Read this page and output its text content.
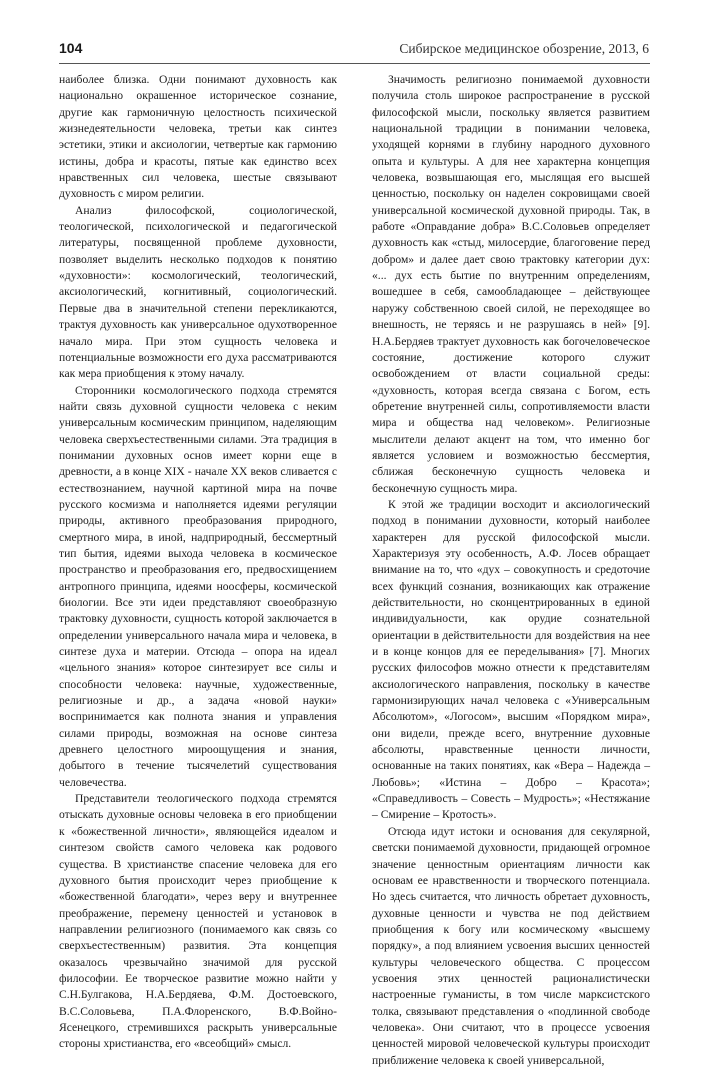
104	Сибирское медицинское обозрение, 2013, 6

наиболее близка. Одни понимают духовность как национально окрашенное историческое сознание, другие как гармоничную целостность психической жизнедеятельности человека, третьи как синтез эстетики, этики и аксиологии, четвертые как гармонию истины, добра и красоты, пятые как единство всех нравственных сил человека, шестые связывают духовность с миром религии.

Анализ философской, социологической, теологической, психологической и педагогической литературы, посвященной проблеме духовности, позволяет выделить несколько подходов к понятию «духовности»: космологический, теологический, аксиологический, когнитивный, социологический. Первые два в значительной степени перекликаются, трактуя духовность как универсальное одухотворенное начало мира. При этом сущность человека и потенциальные возможности его духа рассматриваются как мера приобщения к этому началу.

Сторонники космологического подхода стремятся найти связь духовной сущности человека с неким универсальным космическим принципом, наделяющим человека сверхъестественными силами. Эта традиция в понимании духовных основ имеет корни еще в древности, а в конце XIX - начале XX веков сливается с естествознанием, научной картиной мира на почве русского космизма и наполняется идеями регуляции природы, активного преобразования природного, смертного мира, в иной, надприродный, бессмертный тип бытия, идеями выхода человека в космическое пространство и преобразования его, предвосхищением антропного принципа, идеями ноосферы, космической биологии. Все эти идеи представляют своеобразную трактовку духовности, сущность которой заключается в определении универсального начала мира и человека, в синтезе духа и материи. Отсюда – опора на идеал «цельного знания» которое синтезирует все силы и способности человека: научные, художественные, религиозные и др., а задача «новой науки» воспринимается как полнота знания и управления силами природы, возможная на основе синтеза древнего целостного мироощущения и знания, добытого в течение тысячелетий существования человечества.

Представители теологического подхода стремятся отыскать духовные основы человека в его приобщении к «божественной личности», являющейся идеалом и синтезом свойств самого человека как родового существа. В христианстве спасение человека для его духовного бытия происходит через приобщение к «божественной благодати», через веру и внутреннее преображение, перемену ценностей и установок в направлении религиозного (понимаемого как связь со сверхъестественным) развития. Эта концепция оказалось чрезвычайно значимой для русской философии. Ее творческое развитие можно найти у С.Н.Булгакова, Н.А.Бердяева, Ф.М. Достоевского, В.С.Соловьева, П.А.Флоренского, В.Ф.Войно-Ясенецкого, стремившихся раскрыть универсальные стороны христианства, его «всеобщий» смысл.

Значимость религиозно понимаемой духовности получила столь широкое распространение в русской философской мысли, поскольку является развитием национальной традиции в понимании человека, уходящей корнями в глубину народного духовного опыта и культуры. А для нее характерна концепция человека, возвышающая его, мыслящая его высшей ценностью, поскольку он наделен сокровищами своей универсальной космической духовной природы. Так, в работе «Оправдание добра» В.С.Соловьев определяет духовность как «стыд, милосердие, благоговение перед добром» и далее дает свою трактовку категории дух: «... дух есть бытие по внутренним определениям, вошедшее в себя, самообладающее – действующее наружу собственною своей силой, не переходящее во внешность, не теряясь и не разрушаясь в ней» [9]. Н.А.Бердяев трактует духовность как богочеловеческое состояние, достижение которого служит освобождением от власти социальной среды: «духовность, которая всегда связана с Богом, есть обретение внутренней силы, сопротивляемости власти мира и общества над человеком». Религиозные мыслители делают акцент на том, что именно бог является условием и возможностью бессмертия, сближая бесконечную сущность человека и бесконечную сущность мира.

К этой же традиции восходит и аксиологический подход в понимании духовности, который наиболее характерен для русской философской мысли. Характеризуя эту особенность, А.Ф. Лосев обращает внимание на то, что «дух – совокупность и средоточие всех функций сознания, возникающих как отражение действительности, но сконцентрированных в единой индивидуальности, как орудие сознательной ориентации в действительности для воздействия на нее и в конце концов для ее переделывания» [7]. Многих русских философов можно отнести к представителям аксиологического направления, поскольку в качестве гармонизирующих начал человека с «Универсальным Абсолютом», «Логосом», высшим «Порядком мира», они видели, прежде всего, внутренние духовные абсолюты, нравственные ценности личности, основанные на таких понятиях, как «Вера – Надежда – Любовь»; «Истина – Добро – Красота»; «Справедливость – Совесть – Мудрость»; «Нестяжание – Смирение – Кротость».

Отсюда идут истоки и основания для секулярной, светски понимаемой духовности, придающей огромное значение ценностным ориентациям личности как основам ее нравственности и творческого потенциала. Но здесь считается, что личность обретает духовность, духовные ценности и чувства не под действием приобщения к богу или космическому «высшему порядку», а под влиянием усвоения высших ценностей культуры человеческого общества. С процессом усвоения этих ценностей рационалистически настроенные гуманисты, в том числе марксистского толка, связывают представления о «подлинной свободе человека». Они считают, что в процессе усвоения ценностей мировой человеческой культуры происходит приближение человека к своей универсальной,
